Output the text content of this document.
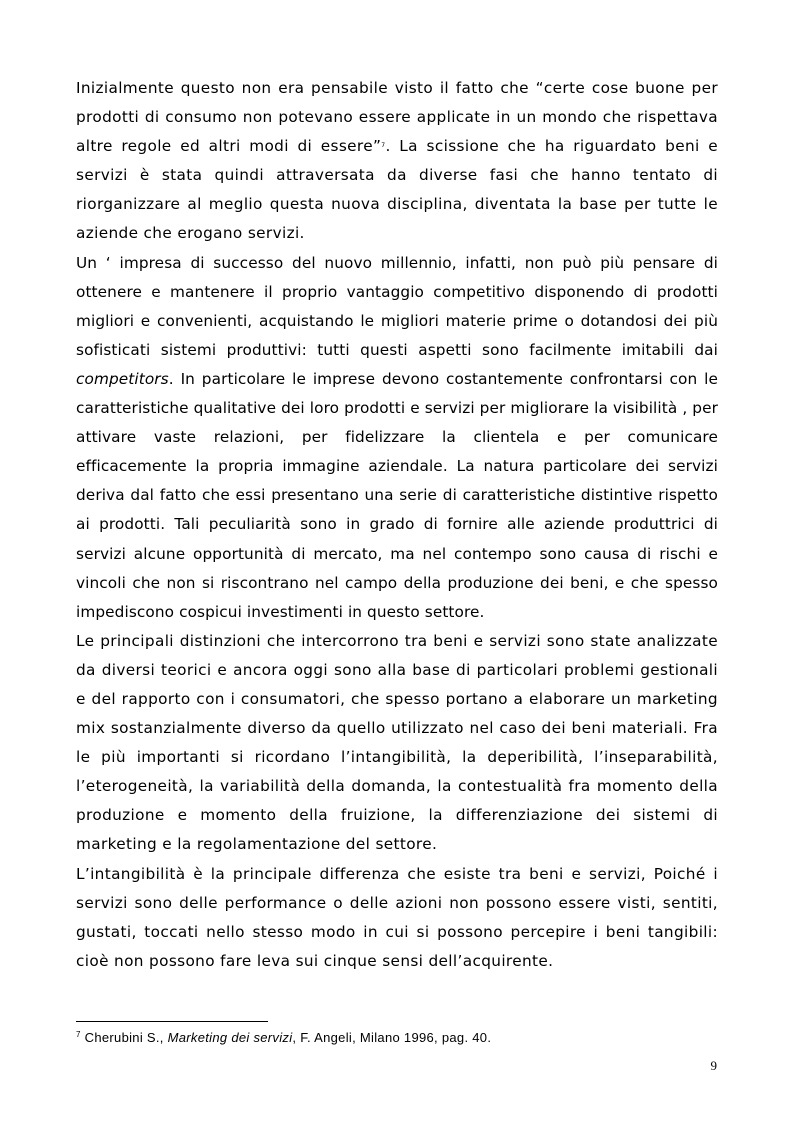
Inizialmente questo non era pensabile visto il fatto che “certe cose buone per prodotti di consumo non potevano essere applicate in un mondo che rispettava altre regole ed altri modi di essere”$^7$. La scissione che ha riguardato beni e servizi è stata quindi attraversata da diverse fasi che hanno tentato di riorganizzare al meglio questa nuova disciplina, diventata la base per tutte le aziende che erogano servizi.

Un ‘ impresa di successo del nuovo millennio, infatti, non può più pensare di ottenere e mantenere il proprio vantaggio competitivo disponendo di prodotti migliori e convenienti, acquistando le migliori materie prime o dotandosi dei più sofisticati sistemi produttivi: tutti questi aspetti sono facilmente imitabili dai competitors. In particolare le imprese devono costantemente confrontarsi con le caratteristiche qualitative dei loro prodotti e servizi per migliorare la visibilità , per attivare vaste relazioni, per fidelizzare la clientela e per comunicare efficacemente la propria immagine aziendale. La natura particolare dei servizi deriva dal fatto che essi presentano una serie di caratteristiche distintive rispetto ai prodotti. Tali peculiarità sono in grado di fornire alle aziende produttrici di servizi alcune opportunità di mercato, ma nel contempo sono causa di rischi e vincoli che non si riscontrano nel campo della produzione dei beni, e che spesso impediscono cospicui investimenti in questo settore.

Le principali distinzioni che intercorrono tra beni e servizi sono state analizzate da diversi teorici e ancora oggi sono alla base di particolari problemi gestionali e del rapporto con i consumatori, che spesso portano a elaborare un marketing mix sostanzialmente diverso da quello utilizzato nel caso dei beni materiali. Fra le più importanti si ricordano l’intangibilità, la deperibilità, l’inseparabilità, l’eterogeneità, la variabilità della domanda, la contestualità fra momento della produzione e momento della fruizione, la differenziazione dei sistemi di marketing e la regolamentazione del settore.

L’intangibilità è la principale differenza che esiste tra beni e servizi, Poiché i servizi sono delle performance o delle azioni non possono essere visti, sentiti, gustati, toccati nello stesso modo in cui si possono percepire i beni tangibili: cioè non possono fare leva sui cinque sensi dell’acquirente.

$^7$ Cherubini S., Marketing dei servizi, F. Angeli, Milano 1996, pag. 40.

9
